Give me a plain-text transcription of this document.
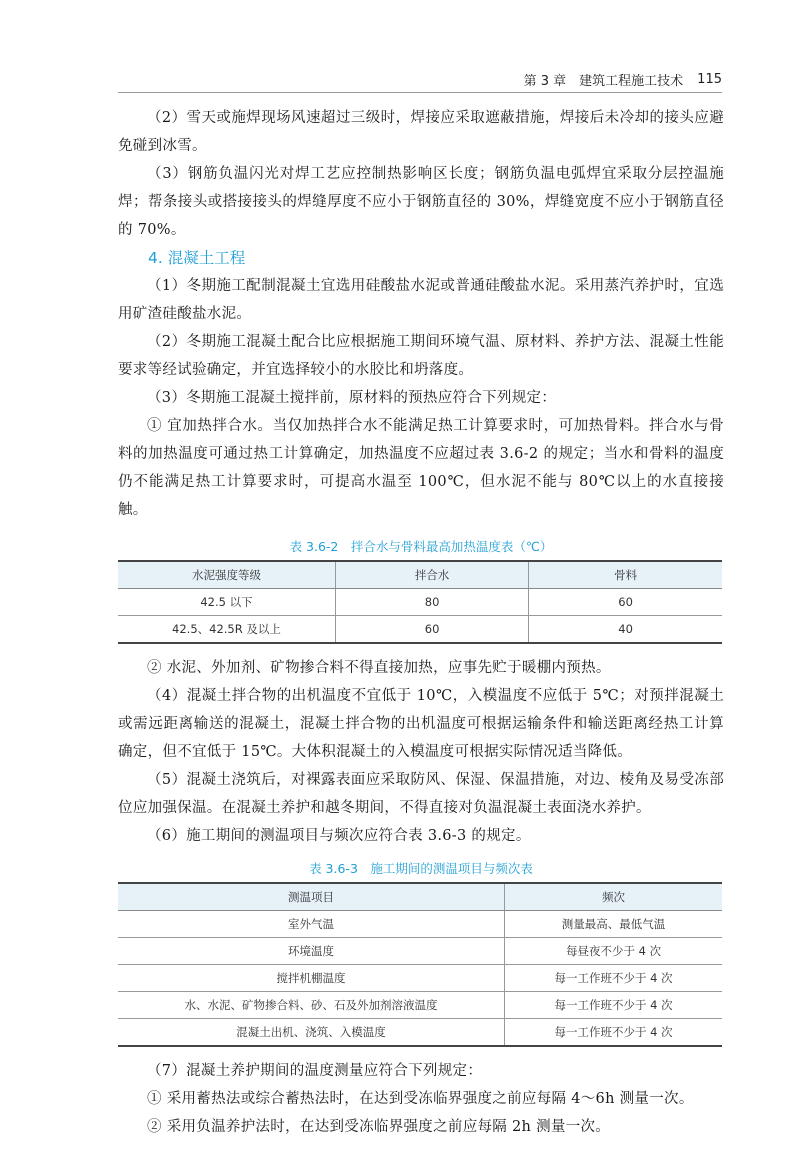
第 3 章　建筑工程施工技术 115

（2）雪天或施焊现场风速超过三级时，焊接应采取遮蔽措施，焊接后未冷却的接头应避免碰到冰雪。

（3）钢筋负温闪光对焊工艺应控制热影响区长度；钢筋负温电弧焊宜采取分层控温施焊；帮条接头或搭接接头的焊缝厚度不应小于钢筋直径的 30%，焊缝宽度不应小于钢筋直径的 70%。

4. 混凝土工程

（1）冬期施工配制混凝土宜选用硅酸盐水泥或普通硅酸盐水泥。采用蒸汽养护时，宜选用矿渣硅酸盐水泥。

（2）冬期施工混凝土配合比应根据施工期间环境气温、原材料、养护方法、混凝土性能要求等经试验确定，并宜选择较小的水胶比和坍落度。

（3）冬期施工混凝土搅拌前，原材料的预热应符合下列规定：

① 宜加热拌合水。当仅加热拌合水不能满足热工计算要求时，可加热骨料。拌合水与骨料的加热温度可通过热工计算确定，加热温度不应超过表 3.6-2 的规定；当水和骨料的温度仍不能满足热工计算要求时，可提高水温至 100℃，但水泥不能与 80℃以上的水直接接触。

表 3.6-2　拌合水与骨料最高加热温度表（℃）
水泥强度等级	拌合水	骨料
42.5 以下	80	60
42.5、42.5R 及以上	60	40

② 水泥、外加剂、矿物掺合料不得直接加热，应事先贮于暖棚内预热。

（4）混凝土拌合物的出机温度不宜低于 10℃，入模温度不应低于 5℃；对预拌混凝土或需远距离输送的混凝土，混凝土拌合物的出机温度可根据运输条件和输送距离经热工计算确定，但不宜低于 15℃。大体积混凝土的入模温度可根据实际情况适当降低。

（5）混凝土浇筑后，对裸露表面应采取防风、保湿、保温措施，对边、棱角及易受冻部位应加强保温。在混凝土养护和越冬期间，不得直接对负温混凝土表面浇水养护。

（6）施工期间的测温项目与频次应符合表 3.6-3 的规定。

表 3.6-3　施工期间的测温项目与频次表
测温项目	频次
室外气温	测量最高、最低气温
环境温度	每昼夜不少于 4 次
搅拌机棚温度	每一工作班不少于 4 次
水、水泥、矿物掺合料、砂、石及外加剂溶液温度	每一工作班不少于 4 次
混凝土出机、浇筑、入模温度	每一工作班不少于 4 次

（7）混凝土养护期间的温度测量应符合下列规定：

① 采用蓄热法或综合蓄热法时，在达到受冻临界强度之前应每隔 4～6h 测量一次。

② 采用负温养护法时，在达到受冻临界强度之前应每隔 2h 测量一次。
